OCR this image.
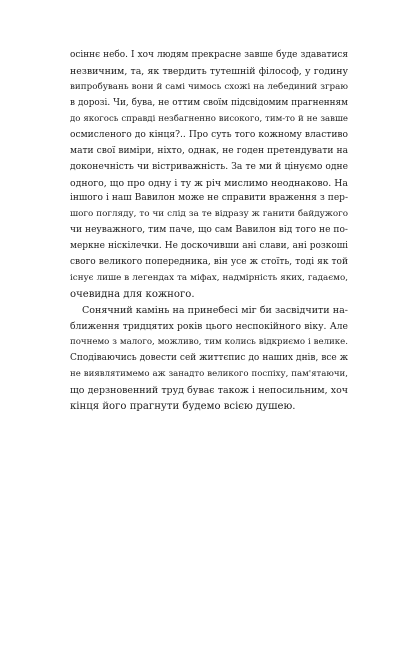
осіннє небо. І хоч людям прекрасне завше буде здаватися
незвичним, та, як твердить тутешній філософ, у годину
випробувань вони й самі чимось схожі на лебединий зграю
в дорозі. Чи, бува, не оттим своїм підсвідомим прагненням
до якогось справді незбагненно високого, тим-то й не завше
осмисленого до кінця?.. Про суть того кожному властиво
мати свої виміри, ніхто, однак, не годен претендувати на
доконечність чи вістриважність. За те ми й цінуємо одне
одного, що про одну і ту ж річ мислимо неоднаково. На
іншого і наш Вавилон може не справити враження з пер-
шого погляду, то чи слід за те відразу ж ганити байдужого
чи неуважного, тим паче, що сам Вавилон від того не по-
меркне ніскілечки. Не доскочивши ані слави, ані розкоші
свого великого попередника, він усе ж стоїть, тоді як той
існує лише в легендах та міфах, надмірність яких, гадаємо,
очевидна для кожного.
Сонячний камінь на принебесі міг би засвідчити на-
ближення тридцятих років цього неспокійного віку. Але
почнемо з малого, можливо, тим колись відкриємо і велике.
Сподіваючись довести сей життєпис до наших днів, все ж
не виявлятимемо аж занадто великого поспіху, пам'ятаючи,
що дерзновенний труд буває також і непосильним, хоч
кінця його прагнути будемо всією душею.
